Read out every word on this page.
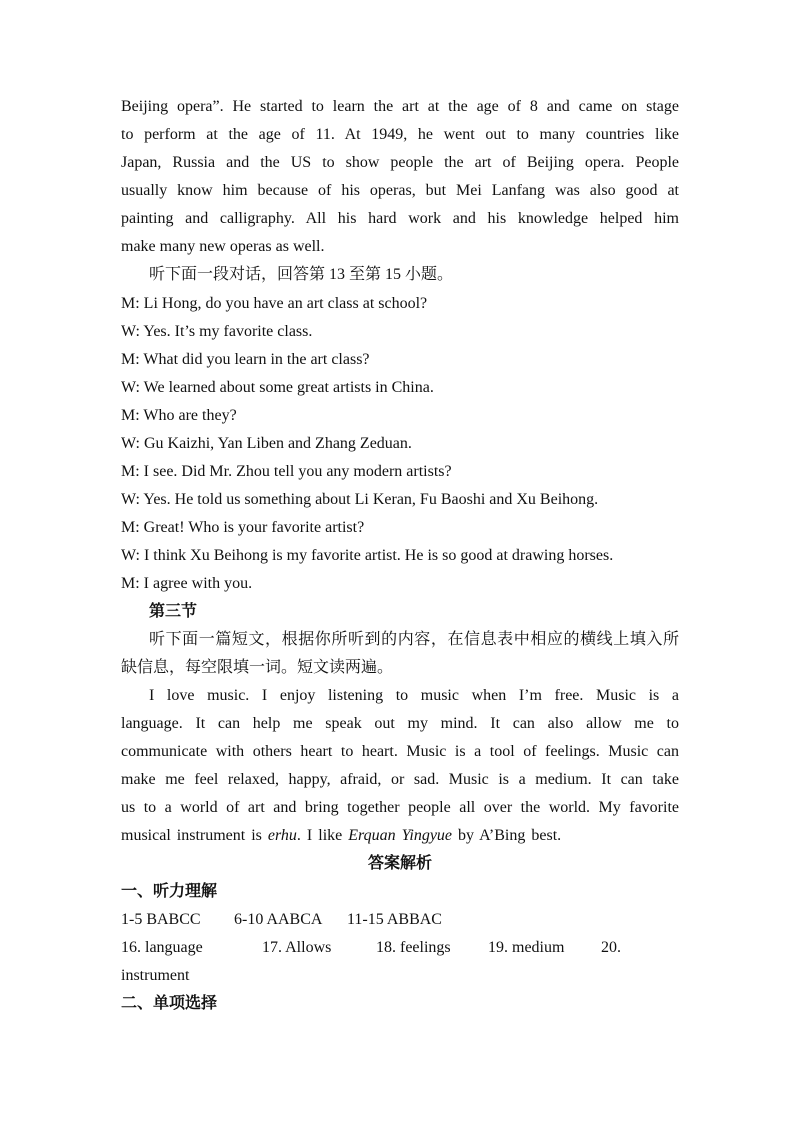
Beijing opera”. He started to learn the art at the age of 8 and came on stage
to perform at the age of 11. At 1949, he went out to many countries like
Japan, Russia and the US to show people the art of Beijing opera. People
usually know him because of his operas, but Mei Lanfang was also good at
painting and calligraphy. All his hard work and his knowledge helped him
make many new operas as well.
听下面一段对话，回答第 13 至第 15 小题。
M: Li Hong, do you have an art class at school?
W: Yes. It’s my favorite class.
M: What did you learn in the art class?
W: We learned about some great artists in China.
M: Who are they?
W: Gu Kaizhi, Yan Liben and Zhang Zeduan.
M: I see. Did Mr. Zhou tell you any modern artists?
W: Yes. He told us something about Li Keran, Fu Baoshi and Xu Beihong.
M: Great! Who is your favorite artist?
W: I think Xu Beihong is my favorite artist. He is so good at drawing horses.
M: I agree with you.
第三节
听下面一篇短文，根据你所听到的内容，在信息表中相应的横线上填入所
缺信息，每空限填一词。短文读两遍。
I love music. I enjoy listening to music when I’m free. Music is a
language. It can help me speak out my mind. It can also allow me to
communicate with others heart to heart. Music is a tool of feelings. Music can
make me feel relaxed, happy, afraid, or sad. Music is a medium. It can take
us to a world of art and bring together people all over the world. My favorite
musical instrument is erhu. I like Erquan Yingyue by A’Bing best.
答案解析
一、听力理解
1-5 BABCC 6-10 AABCA 11-15 ABBAC
16. language	17. Allows	18. feelings 19. medium 20.
instrument
二、单项选择
